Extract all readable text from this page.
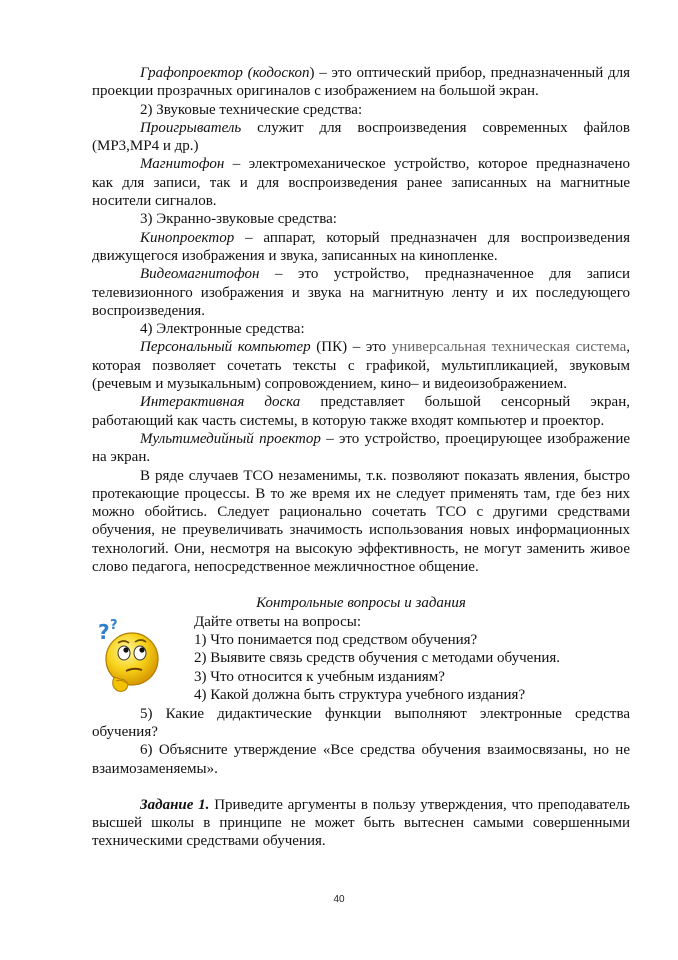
Графопроектор (кодоскоп) – это оптический прибор, предназначенный для проекции прозрачных оригиналов с изображением на большой экран.

2) Звуковые технические средства:

Проигрыватель служит для воспроизведения современных файлов (МР3,МР4 и др.)

Магнитофон – электромеханическое устройство, которое предназначено как для записи, так и для воспроизведения ранее записанных на магнитные носители сигналов.

3) Экранно-звуковые средства:

Кинопроектор – аппарат, который предназначен для воспроизведения движущегося изображения и звука, записанных на кинопленке.

Видеомагнитофон – это устройство, предназначенное для записи телевизионного изображения и звука на магнитную ленту и их последующего воспроизведения.

4) Электронные средства:

Персональный компьютер (ПК) – это универсальная техническая система, которая позволяет сочетать тексты с графикой, мультипликацией, звуковым (речевым и музыкальным) сопровождением, кино– и видеоизображением.

Интерактивная доска представляет большой сенсорный экран, работающий как часть системы, в которую также входят компьютер и проектор.

Мультимедийный проектор – это устройство, проецирующее изображение на экран.

В ряде случаев ТСО незаменимы, т.к. позволяют показать явления, быстро протекающие процессы. В то же время их не следует применять там, где без них можно обойтись. Следует рационально сочетать ТСО с другими средствами обучения, не преувеличивать значимость использования новых информационных технологий. Они, несмотря на высокую эффективность, не могут заменить живое слово педагога, непосредственное межличностное общение.

Контрольные вопросы и задания

? ?	Дайте ответы на вопросы:
1) Что понимается под средством обучения?
2) Выявите связь средств обучения с методами обучения.
3) Что относится к учебным изданиям?
4) Какой должна быть структура учебного издания?

5) Какие дидактические функции выполняют электронные средства обучения?

6) Объясните утверждение «Все средства обучения взаимосвязаны, но не взаимозаменяемы».

Задание 1. Приведите аргументы в пользу утверждения, что преподаватель высшей школы в принципе не может быть вытеснен самыми совершенными техническими средствами обучения.

40
